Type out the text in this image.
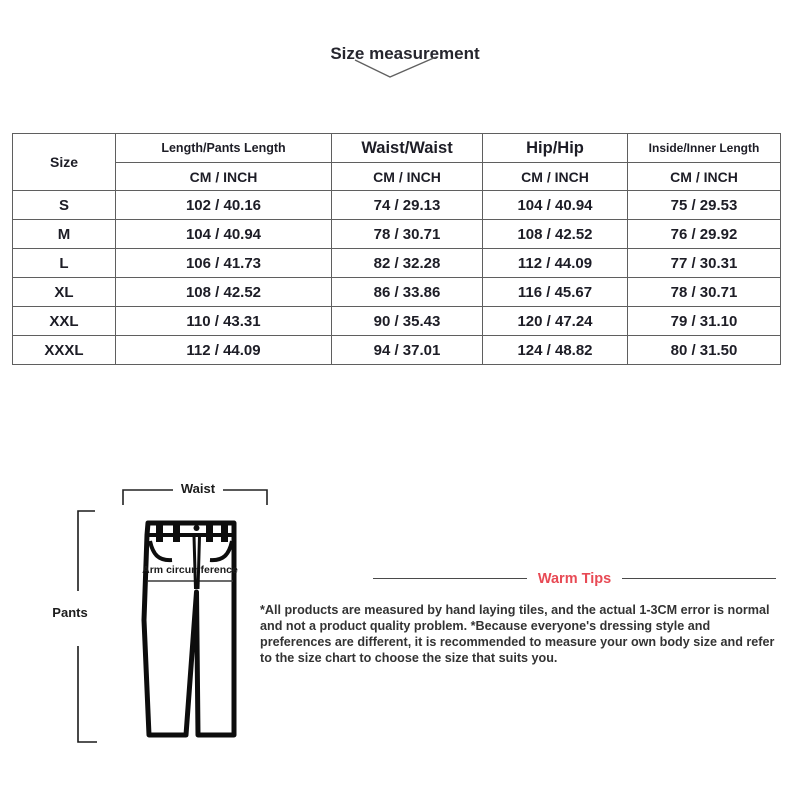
Size measurement
Size	Length/Pants Length	Waist/Waist	Hip/Hip	Inside/Inner Length
	CM / INCH	CM / INCH	CM / INCH	CM / INCH
S	102 / 40.16	74 / 29.13	104 / 40.94	75 / 29.53
M	104 / 40.94	78 / 30.71	108 / 42.52	76 / 29.92
L	106 / 41.73	82 / 32.28	112 / 44.09	77 / 30.31
XL	108 / 42.52	86 / 33.86	116 / 45.67	78 / 30.71
XXL	110 / 43.31	90 / 35.43	120 / 47.24	79 / 31.10
XXXL	112 / 44.09	94 / 37.01	124 / 48.82	80 / 31.50
Waist
Pants
Arm circumference
Warm Tips
*All products are measured by hand laying tiles, and the actual 1-3CM error is normal and not a product quality problem. *Because everyone's dressing style and preferences are different, it is recommended to measure your own body size and refer to the size chart to choose the size that suits you.
